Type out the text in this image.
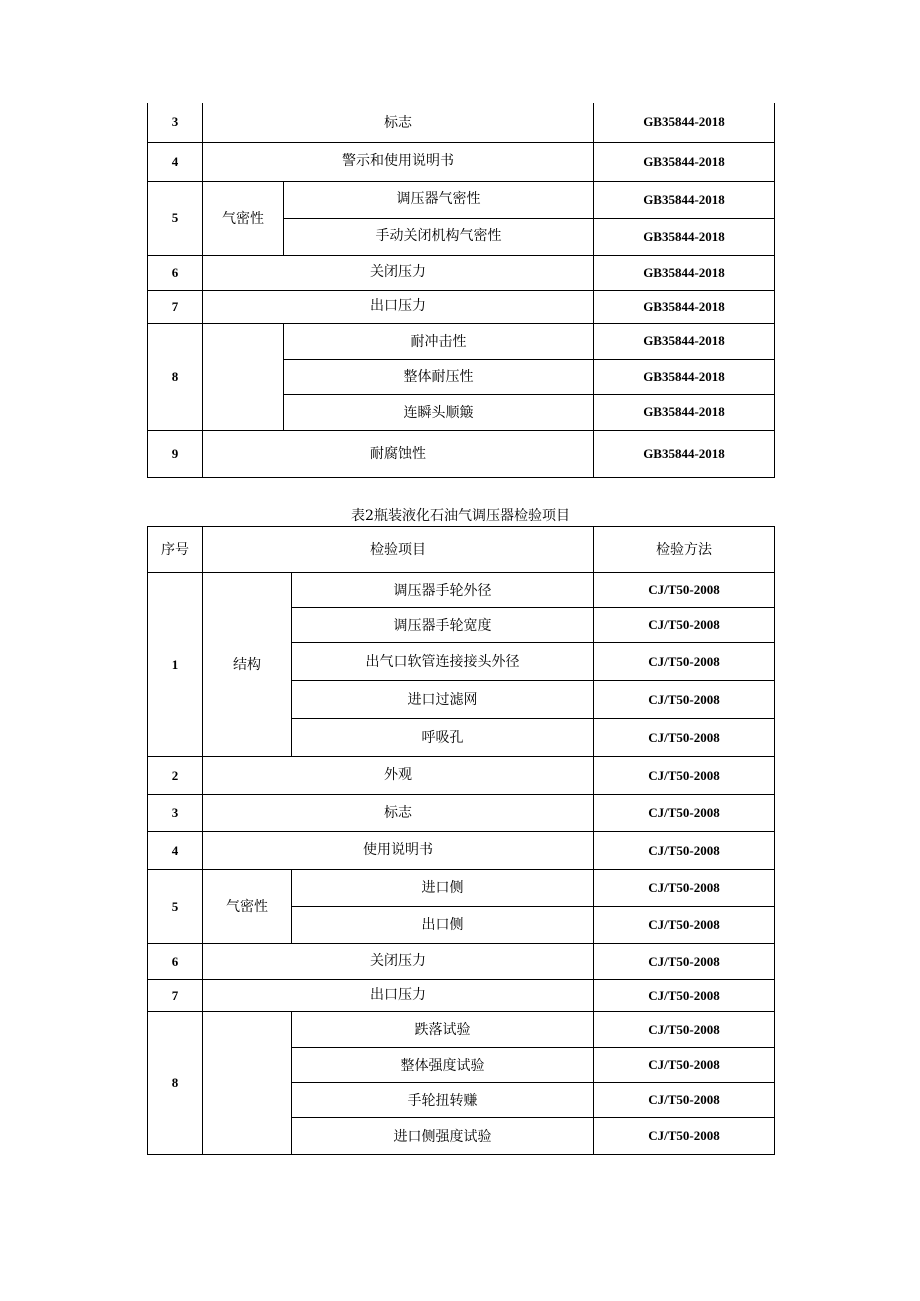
3	标志		GB35844-2018
4	警示和使用说明书		GB35844-2018
5	气密性	调压器气密性	GB35844-2018
		手动关闭机构气密性	GB35844-2018
6	关闭压力		GB35844-2018
7	出口压力		GB35844-2018
8		耐冲击性	GB35844-2018
		整体耐压性	GB35844-2018
		连瞬头顺簸	GB35844-2018
9	耐腐蚀性		GB35844-2018
表2瓶装液化石油气调压器检验项目
序号	检验项目		检验方法
1	结构	调压器手轮外径	CJ/T50-2008
		调压器手轮宽度	CJ/T50-2008
		出气口软管连接接头外径	CJ/T50-2008
		进口过滤网	CJ/T50-2008
		呼吸孔	CJ/T50-2008
2	外观		CJ/T50-2008
3	标志		CJ/T50-2008
4	使用说明书		CJ/T50-2008
5	气密性	进口侧	CJ/T50-2008
		出口侧	CJ/T50-2008
6	关闭压力		CJ/T50-2008
7	出口压力		CJ/T50-2008
8		跌落试验	CJ/T50-2008
		整体强度试验	CJ/T50-2008
		手轮扭转赚	CJ/T50-2008
		进口侧强度试验	CJ/T50-2008
